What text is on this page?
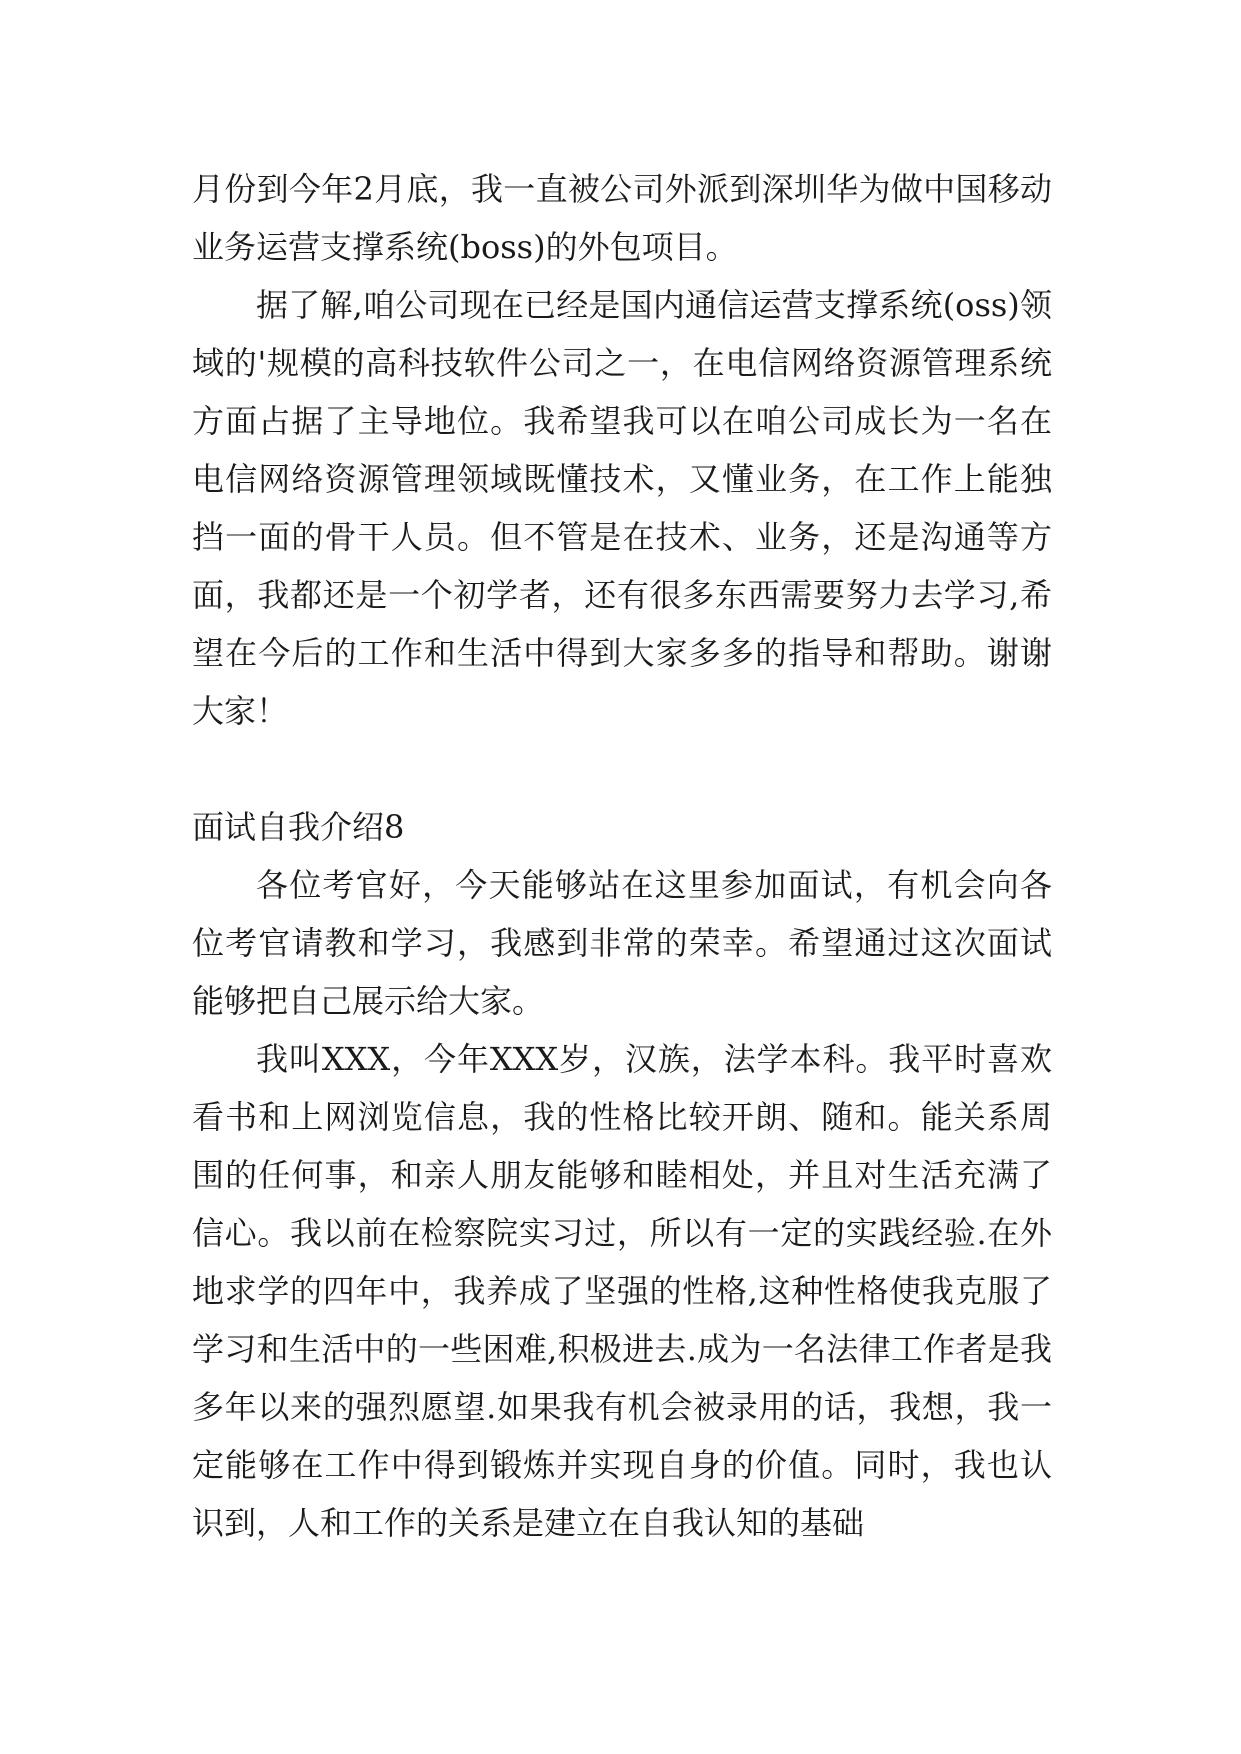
月份到今年2月底，我一直被公司外派到深圳华为做中国移动业务运营支撑系统(boss)的外包项目。

据了解,咱公司现在已经是国内通信运营支撑系统(oss)领域的'规模的高科技软件公司之一，在电信网络资源管理系统方面占据了主导地位。我希望我可以在咱公司成长为一名在电信网络资源管理领域既懂技术，又懂业务，在工作上能独挡一面的骨干人员。但不管是在技术、业务，还是沟通等方面，我都还是一个初学者，还有很多东西需要努力去学习,希望在今后的工作和生活中得到大家多多的指导和帮助。谢谢大家！

面试自我介绍8

各位考官好，今天能够站在这里参加面试，有机会向各位考官请教和学习，我感到非常的荣幸。希望通过这次面试能够把自己展示给大家。

我叫XXX，今年XXX岁，汉族，法学本科。我平时喜欢看书和上网浏览信息，我的性格比较开朗、随和。能关系周围的任何事，和亲人朋友能够和睦相处，并且对生活充满了信心。我以前在检察院实习过，所以有一定的实践经验.在外地求学的四年中，我养成了坚强的性格,这种性格使我克服了学习和生活中的一些困难,积极进去.成为一名法律工作者是我多年以来的强烈愿望.如果我有机会被录用的话，我想，我一定能够在工作中得到锻炼并实现自身的价值。同时，我也认识到，人和工作的关系是建立在自我认知的基础
